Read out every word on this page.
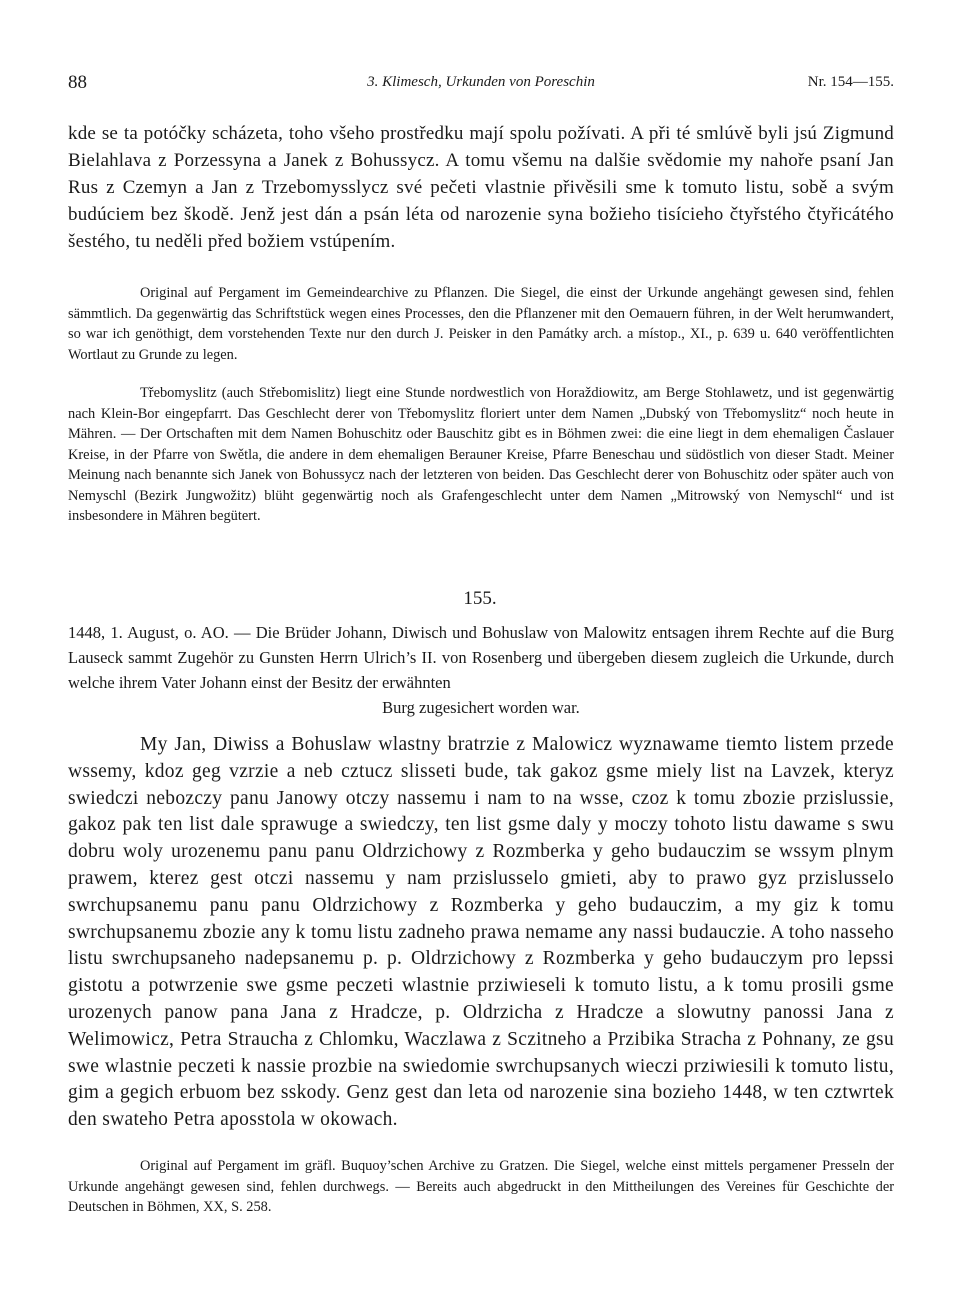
88	3. Klimesch, Urkunden von Poreschin	Nr. 154—155.

kde se ta potóčky scházeta, toho všeho prostředku mají spolu požívati. A při té smlúvě byli jsú Zigmund Bielahlava z Porzessyna a Janek z Bohussycz. A tomu všemu na dalšie svědomie my nahoře psaní Jan Rus z Czemyn a Jan z Trzebomysslycz své pečeti vlastnie přivěsili sme k tomuto listu, sobě a svým budúciem bez škodě. Jenž jest dán a psán léta od narozenie syna božieho tisícieho čtyřstého čtyřicátého šestého, tu neděli před božiem vstúpením.

Original auf Pergament im Gemeindearchive zu Pflanzen. Die Siegel, die einst der Urkunde angehängt gewesen sind, fehlen sämmtlich. Da gegenwärtig das Schriftstück wegen eines Processes, den die Pflanzener mit den Oemauern führen, in der Welt herumwandert, so war ich genöthigt, dem vorstehenden Texte nur den durch J. Peisker in den Památky arch. a místop., XI., p. 639 u. 640 veröffentlichten Wortlaut zu Grunde zu legen.

Třebomyslitz (auch Střebomislitz) liegt eine Stunde nordwestlich von Horaždiowitz, am Berge Stohlawetz, und ist gegenwärtig nach Klein-Bor eingepfarrt. Das Geschlecht derer von Třebomyslitz floriert unter dem Namen „Dubský von Třebomyslitz“ noch heute in Mähren. — Der Ortschaften mit dem Namen Bohuschitz oder Bauschitz gibt es in Böhmen zwei: die eine liegt in dem ehemaligen Časlauer Kreise, in der Pfarre von Swětla, die andere in dem ehemaligen Berauner Kreise, Pfarre Beneschau und südöstlich von dieser Stadt. Meiner Meinung nach benannte sich Janek von Bohussycz nach der letzteren von beiden. Das Geschlecht derer von Bohuschitz oder später auch von Nemyschl (Bezirk Jungwožitz) blüht gegenwärtig noch als Grafengeschlecht unter dem Namen „Mitrowský von Nemyschl“ und ist insbesondere in Mähren begütert.

155.

1448, 1. August, o. AO. — Die Brüder Johann, Diwisch und Bohuslaw von Malowitz entsagen ihrem Rechte auf die Burg Lauseck sammt Zugehör zu Gunsten Herrn Ulrich’s II. von Rosenberg und übergeben diesem zugleich die Urkunde, durch welche ihrem Vater Johann einst der Besitz der erwähnten
Burg zugesichert worden war.

My Jan, Diwiss a Bohuslaw wlastny bratrzie z Malowicz wyznawame tiemto listem przede wssemy, kdoz geg vzrzie a neb cztucz slisseti bude, tak gakoz gsme miely list na Lavzek, kteryz swiedczi nebozczy panu Janowy otczy nassemu i nam to na wsse, czoz k tomu zbozie przislussie, gakoz pak ten list dale sprawuge a swiedczy, ten list gsme daly y moczy tohoto listu dawame s swu dobru woly urozenemu panu panu Oldrzichowy z Rozmberka y geho budauczim se wssym plnym prawem, kterez gest otczi nassemu y nam przislusselo gmieti, aby to prawo gyz przislusselo swrchupsanemu panu panu Oldrzichowy z Rozmberka y geho budauczim, a my giz k tomu swrchupsanemu zbozie any k tomu listu zadneho prawa nemame any nassi budauczie. A toho nasseho listu swrchupsaneho nadepsanemu p. p. Oldrzichowy z Rozmberka y geho budauczym pro lepssi gistotu a potwrzenie swe gsme peczeti wlastnie prziwieseli k tomuto listu, a k tomu prosili gsme urozenych panow pana Jana z Hradcze, p. Oldrzicha z Hradcze a slowutny panossi Jana z Welimowicz, Petra Straucha z Chlomku, Waczlawa z Sczitneho a Przibika Stracha z Pohnany, ze gsu swe wlastnie peczeti k nassie prozbie na swiedomie swrchupsanych wieczi prziwiesili k tomuto listu, gim a gegich erbuom bez sskody. Genz gest dan leta od narozenie sina bozieho 1448, w ten cztwrtek den swateho Petra aposstola w okowach.

Original auf Pergament im gräfl. Buquoy’schen Archive zu Gratzen. Die Siegel, welche einst mittels pergamener Presseln der Urkunde angehängt gewesen sind, fehlen durchwegs. — Bereits auch abgedruckt in den Mittheilungen des Vereines für Geschichte der Deutschen in Böhmen, XX, S. 258.
